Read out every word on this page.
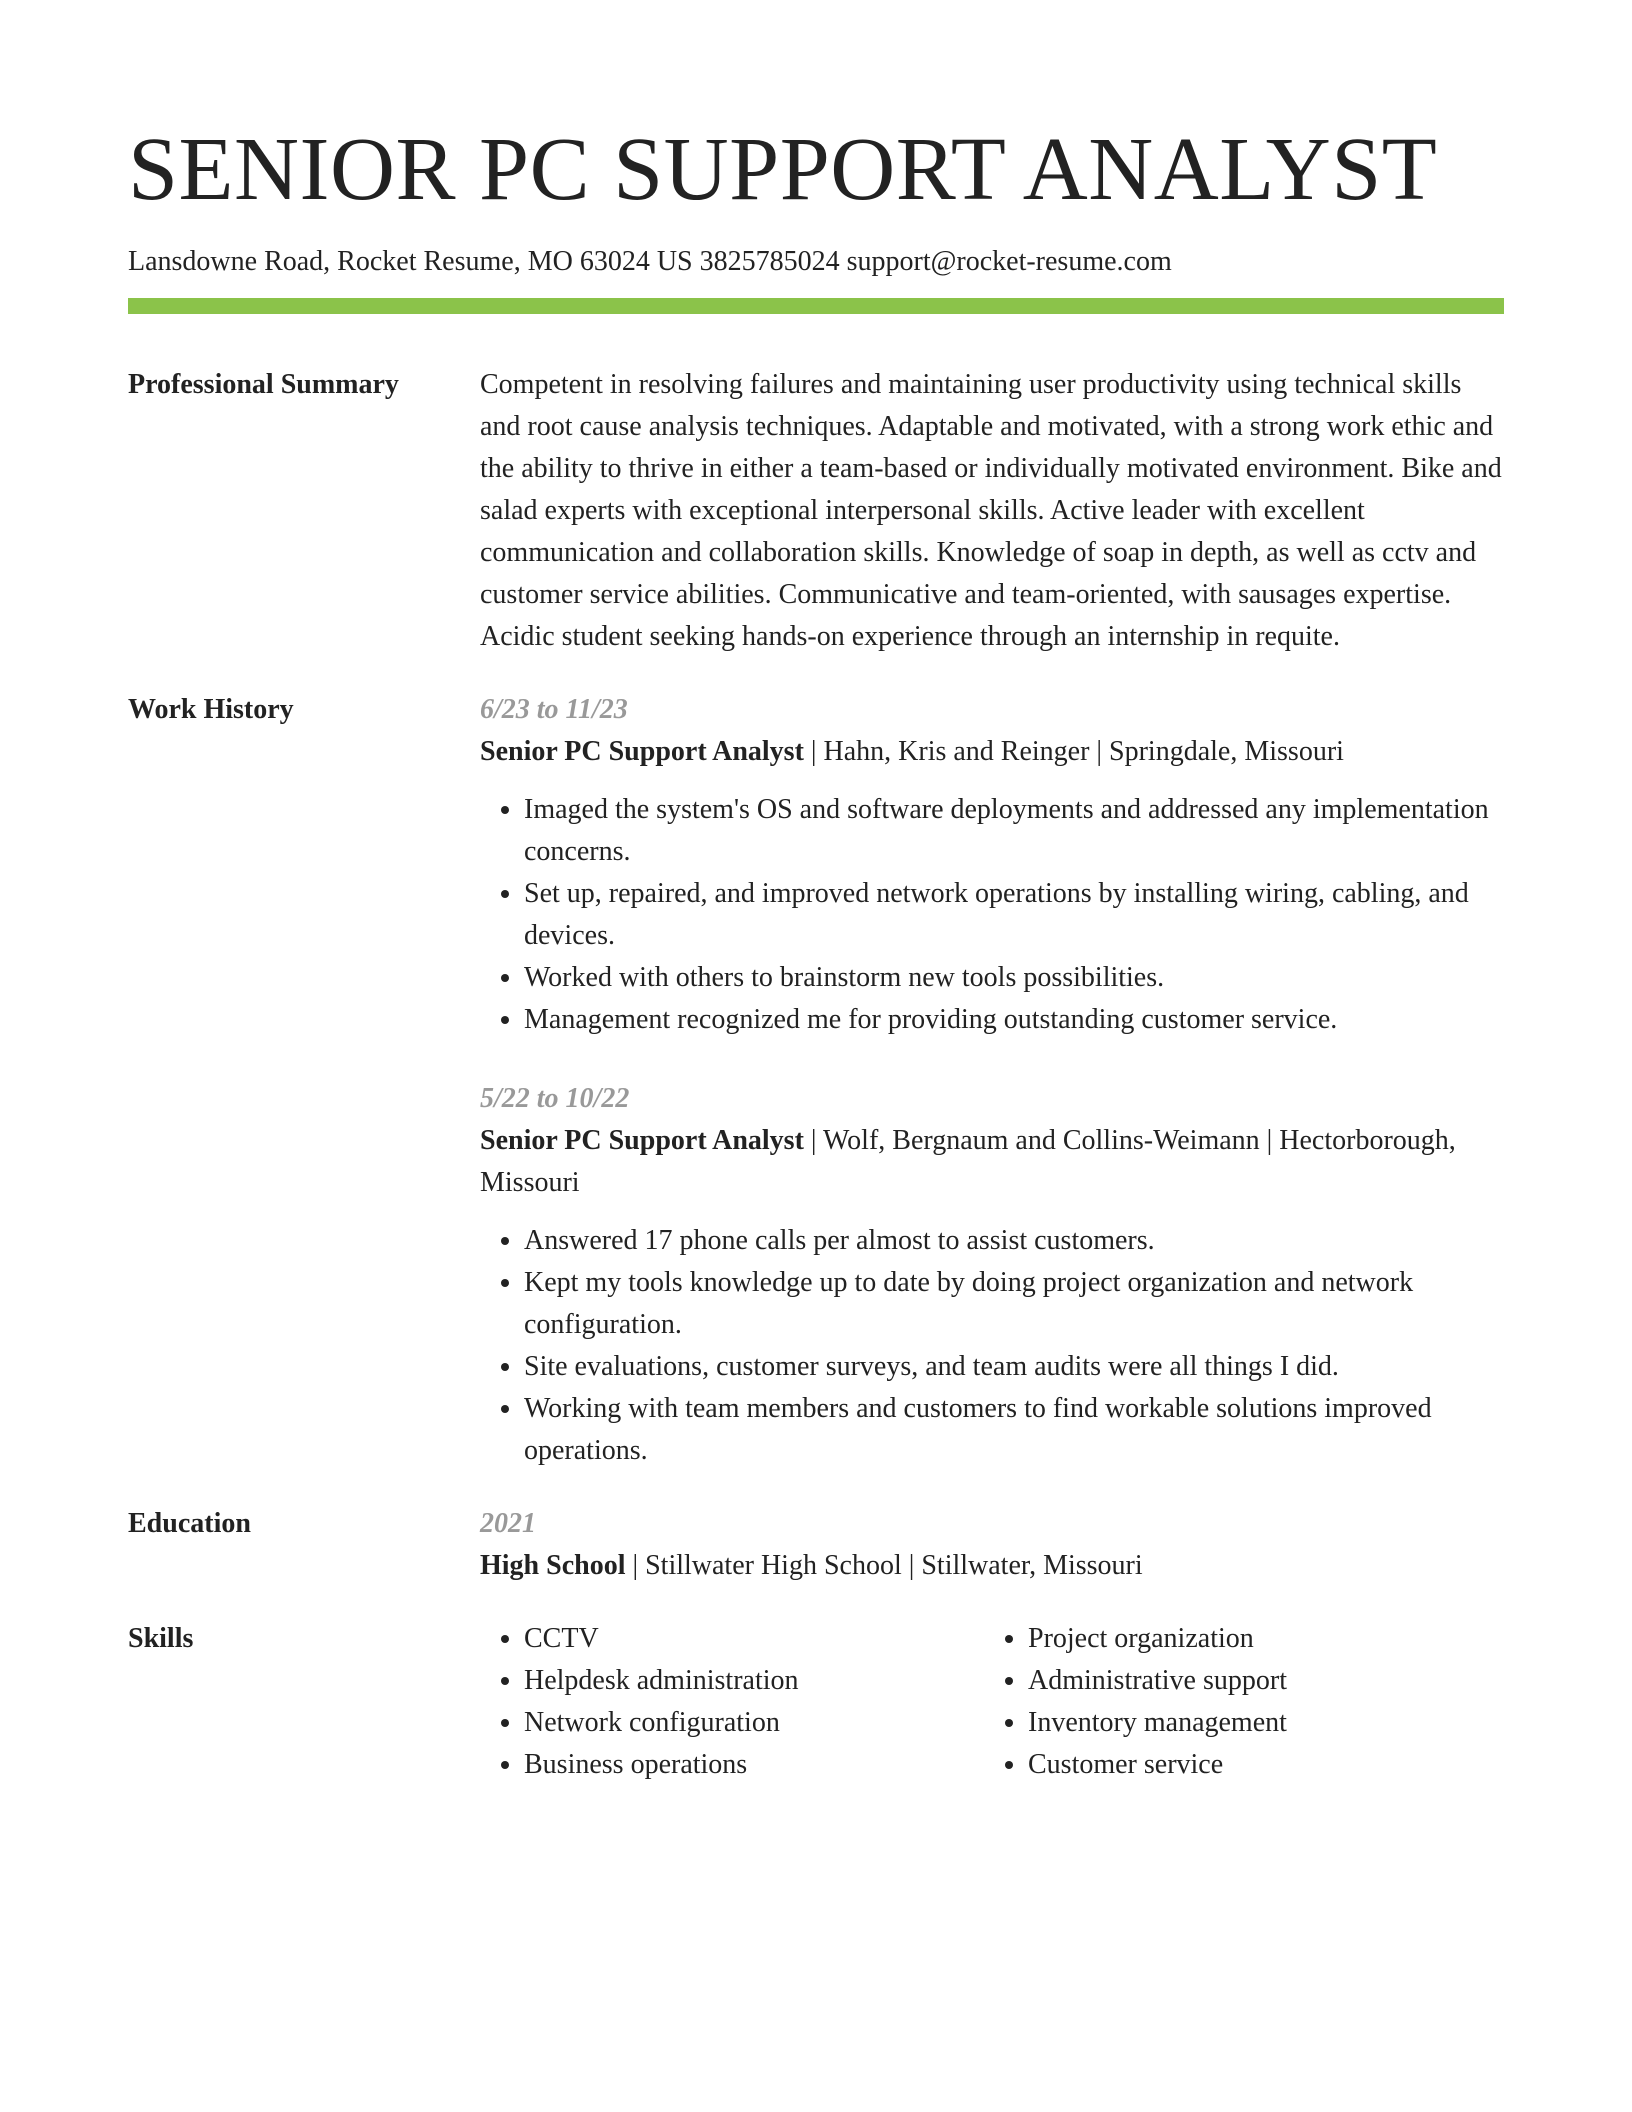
SENIOR PC SUPPORT ANALYST
Lansdowne Road, Rocket Resume, MO 63024 US 3825785024 support@rocket-resume.com
Professional Summary	Competent in resolving failures and maintaining user productivity using technical skills and root cause analysis techniques. Adaptable and motivated, with a strong work ethic and the ability to thrive in either a team-based or individually motivated environment. Bike and salad experts with exceptional interpersonal skills. Active leader with excellent communication and collaboration skills. Knowledge of soap in depth, as well as cctv and customer service abilities. Communicative and team-oriented, with sausages expertise. Acidic student seeking hands-on experience through an internship in requite.
Work History	6/23 to 11/23
Senior PC Support Analyst | Hahn, Kris and Reinger | Springdale, Missouri
• Imaged the system's OS and software deployments and addressed any implementation concerns.
• Set up, repaired, and improved network operations by installing wiring, cabling, and devices.
• Worked with others to brainstorm new tools possibilities.
• Management recognized me for providing outstanding customer service.
5/22 to 10/22
Senior PC Support Analyst | Wolf, Bergnaum and Collins-Weimann | Hectorborough, Missouri
• Answered 17 phone calls per almost to assist customers.
• Kept my tools knowledge up to date by doing project organization and network configuration.
• Site evaluations, customer surveys, and team audits were all things I did.
• Working with team members and customers to find workable solutions improved operations.
Education	2021
High School | Stillwater High School | Stillwater, Missouri
Skills
•	CCTV
• Helpdesk administration
• Network configuration
• Business operations
• Project organization
• Administrative support
• Inventory management
• Customer service
